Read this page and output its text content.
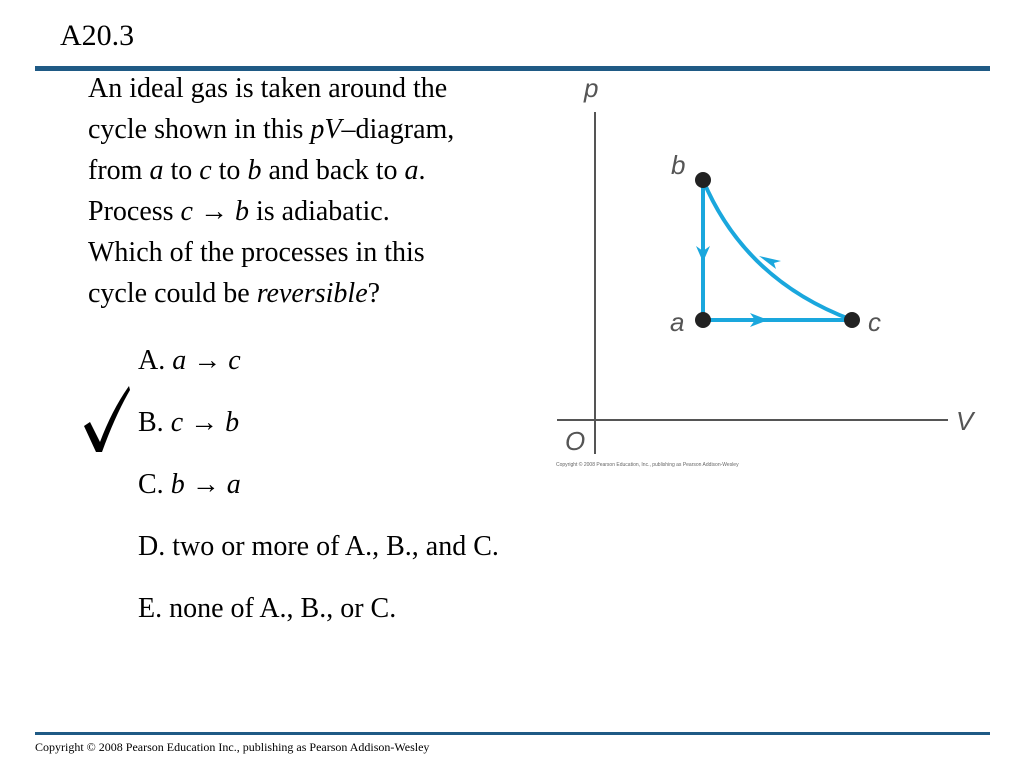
A20.3
An ideal gas is taken around the
cycle shown in this pV–diagram,
from a to c to b and back to a.
Process c → b is adiabatic.
Which of the processes in this
cycle could be reversible?
A. a → c
B. c → b
C. b → a
D. two or more of A., B., and C.
E. none of A., B., or C.
p
V
O
b
a	c
Copyright © 2008 Pearson Education, Inc., publishing as Pearson Addison-Wesley
Copyright © 2008 Pearson Education Inc., publishing as Pearson Addison-Wesley
